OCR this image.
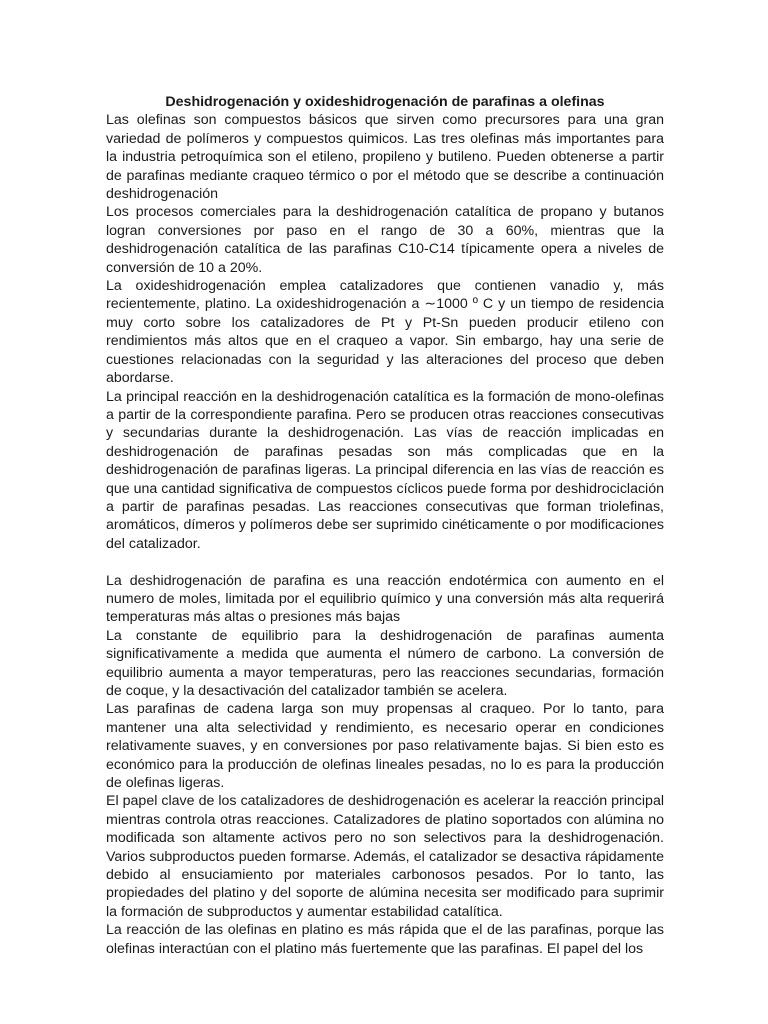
Deshidrogenación y oxideshidrogenación de parafinas a olefinas

Las olefinas son compuestos básicos que sirven como precursores para una gran variedad de polímeros y compuestos quimicos. Las tres olefinas más importantes para la industria petroquímica son el etileno, propileno y butileno. Pueden obtenerse a partir de parafinas mediante craqueo térmico o por el método que se describe a continuación deshidrogenación

Los procesos comerciales para la deshidrogenación catalítica de propano y butanos logran conversiones por paso en el rango de 30 a 60%, mientras que la deshidrogenación catalítica de las parafinas C10-C14 típicamente opera a niveles de conversión de 10 a 20%.

La oxideshidrogenación emplea catalizadores que contienen vanadio y, más recientemente, platino. La oxideshidrogenación a ∼1000 º C y un tiempo de residencia muy corto sobre los catalizadores de Pt y Pt-Sn pueden producir etileno con rendimientos más altos que en el craqueo a vapor. Sin embargo, hay una serie de cuestiones relacionadas con la seguridad y las alteraciones del proceso que deben abordarse.

La principal reacción en la deshidrogenación catalítica es la formación de mono-olefinas a partir de la correspondiente parafina. Pero se producen otras reacciones consecutivas y secundarias durante la deshidrogenación. Las vías de reacción implicadas en deshidrogenación de parafinas pesadas son más complicadas que en la deshidrogenación de parafinas ligeras. La principal diferencia en las vías de reacción es que una cantidad significativa de compuestos cíclicos puede forma por deshidrociclación a partir de parafinas pesadas. Las reacciones consecutivas que forman triolefinas, aromáticos, dímeros y polímeros debe ser suprimido cinéticamente o por modificaciones del catalizador.

La deshidrogenación de parafina es una reacción endotérmica con aumento en el numero de moles, limitada por el equilibrio químico y una conversión más alta requerirá temperaturas más altas o presiones más bajas

La constante de equilibrio para la deshidrogenación de parafinas aumenta significativamente a medida que aumenta el número de carbono. La conversión de equilibrio aumenta a mayor temperaturas, pero las reacciones secundarias, formación de coque, y la desactivación del catalizador también se acelera.

Las parafinas de cadena larga son muy propensas al craqueo. Por lo tanto, para mantener una alta selectividad y rendimiento, es necesario operar en condiciones relativamente suaves, y en conversiones por paso relativamente bajas. Si bien esto es económico para la producción de olefinas lineales pesadas, no lo es para la producción de olefinas ligeras.

El papel clave de los catalizadores de deshidrogenación es acelerar la reacción principal mientras controla otras reacciones. Catalizadores de platino soportados con alúmina no modificada son altamente activos pero no son selectivos para la deshidrogenación. Varios subproductos pueden formarse. Además, el catalizador se desactiva rápidamente debido al ensuciamiento por materiales carbonosos pesados. Por lo tanto, las propiedades del platino y del soporte de alúmina necesita ser modificado para suprimir la formación de subproductos y aumentar estabilidad catalítica.

La reacción de las olefinas en platino es más rápida que el de las parafinas, porque las olefinas interactúan con el platino más fuertemente que las parafinas. El papel del los
